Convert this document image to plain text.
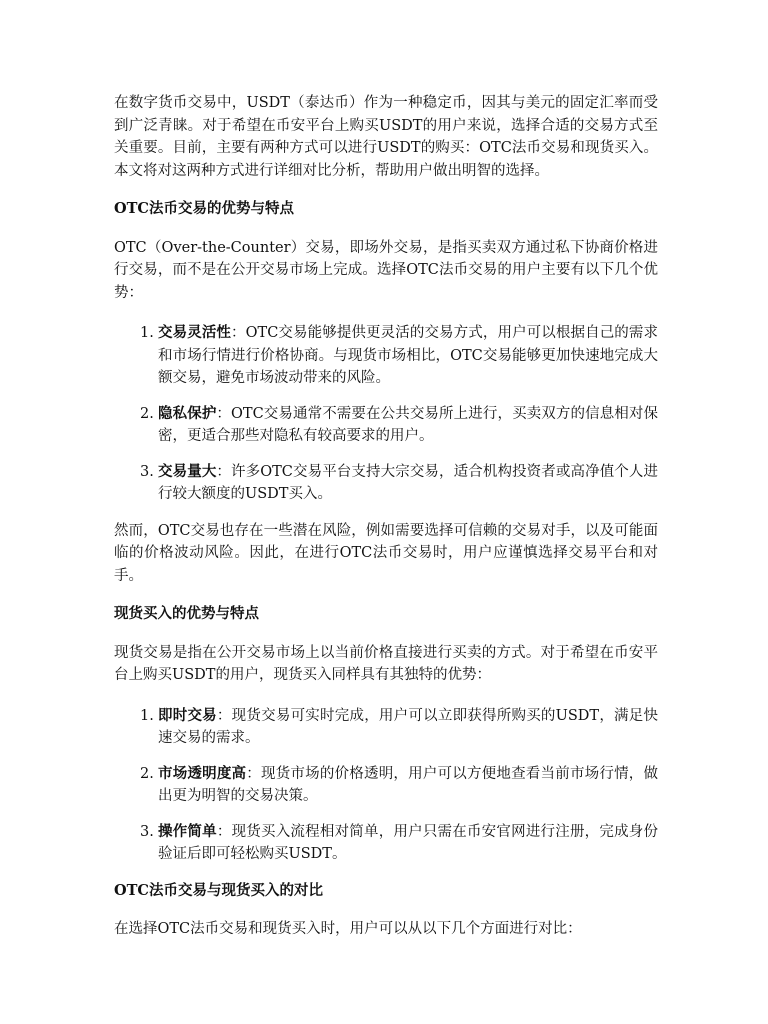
在数字货币交易中，USDT（泰达币）作为一种稳定币，因其与美元的固定汇率而受到广泛青睐。对于希望在币安平台上购买USDT的用户来说，选择合适的交易方式至关重要。目前，主要有两种方式可以进行USDT的购买：OTC法币交易和现货买入。本文将对这两种方式进行详细对比分析，帮助用户做出明智的选择。

OTC法币交易的优势与特点

OTC（Over-the-Counter）交易，即场外交易，是指买卖双方通过私下协商价格进行交易，而不是在公开交易市场上完成。选择OTC法币交易的用户主要有以下几个优势：

1. 交易灵活性：OTC交易能够提供更灵活的交易方式，用户可以根据自己的需求和市场行情进行价格协商。与现货市场相比，OTC交易能够更加快速地完成大额交易，避免市场波动带来的风险。
2. 隐私保护：OTC交易通常不需要在公共交易所上进行，买卖双方的信息相对保密，更适合那些对隐私有较高要求的用户。
3. 交易量大：许多OTC交易平台支持大宗交易，适合机构投资者或高净值个人进行较大额度的USDT买入。

然而，OTC交易也存在一些潜在风险，例如需要选择可信赖的交易对手，以及可能面临的价格波动风险。因此，在进行OTC法币交易时，用户应谨慎选择交易平台和对手。

现货买入的优势与特点

现货交易是指在公开交易市场上以当前价格直接进行买卖的方式。对于希望在币安平台上购买USDT的用户，现货买入同样具有其独特的优势：

1. 即时交易：现货交易可实时完成，用户可以立即获得所购买的USDT，满足快速交易的需求。
2. 市场透明度高：现货市场的价格透明，用户可以方便地查看当前市场行情，做出更为明智的交易决策。
3. 操作简单：现货买入流程相对简单，用户只需在币安官网进行注册，完成身份验证后即可轻松购买USDT。
OTC法币交易与现货买入的对比

在选择OTC法币交易和现货买入时，用户可以从以下几个方面进行对比：
